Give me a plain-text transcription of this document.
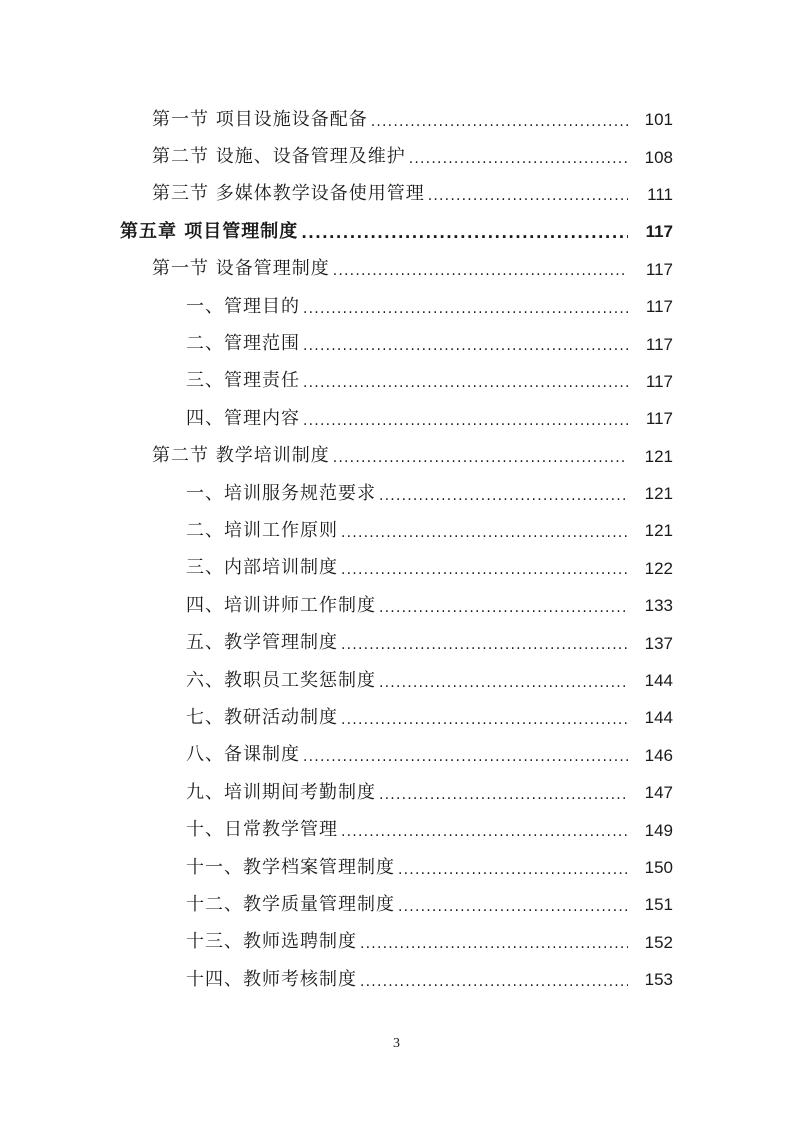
第一节 项目设施设备配备 .....	101
第二节 设施、设备管理及维护 .....	108
第三节 多媒体教学设备使用管理 .....	111
第五章 项目管理制度 .....	117
第一节 设备管理制度 .....	117
一、管理目的 .....	117
二、管理范围 .....	117
三、管理责任 .....	117
四、管理内容 .....	117
第二节 教学培训制度 .....	121
一、培训服务规范要求 .....	121
二、培训工作原则 .....	121
三、内部培训制度 .....	122
四、培训讲师工作制度 .....	133
五、教学管理制度 .....	137
六、教职员工奖惩制度 .....	144
七、教研活动制度 .....	144
八、备课制度 .....	146
九、培训期间考勤制度 .....	147
十、日常教学管理 .....	149
十一、教学档案管理制度 .....	150
十二、教学质量管理制度 .....	151
十三、教师选聘制度 .....	152
十四、教师考核制度 .....	153
3
